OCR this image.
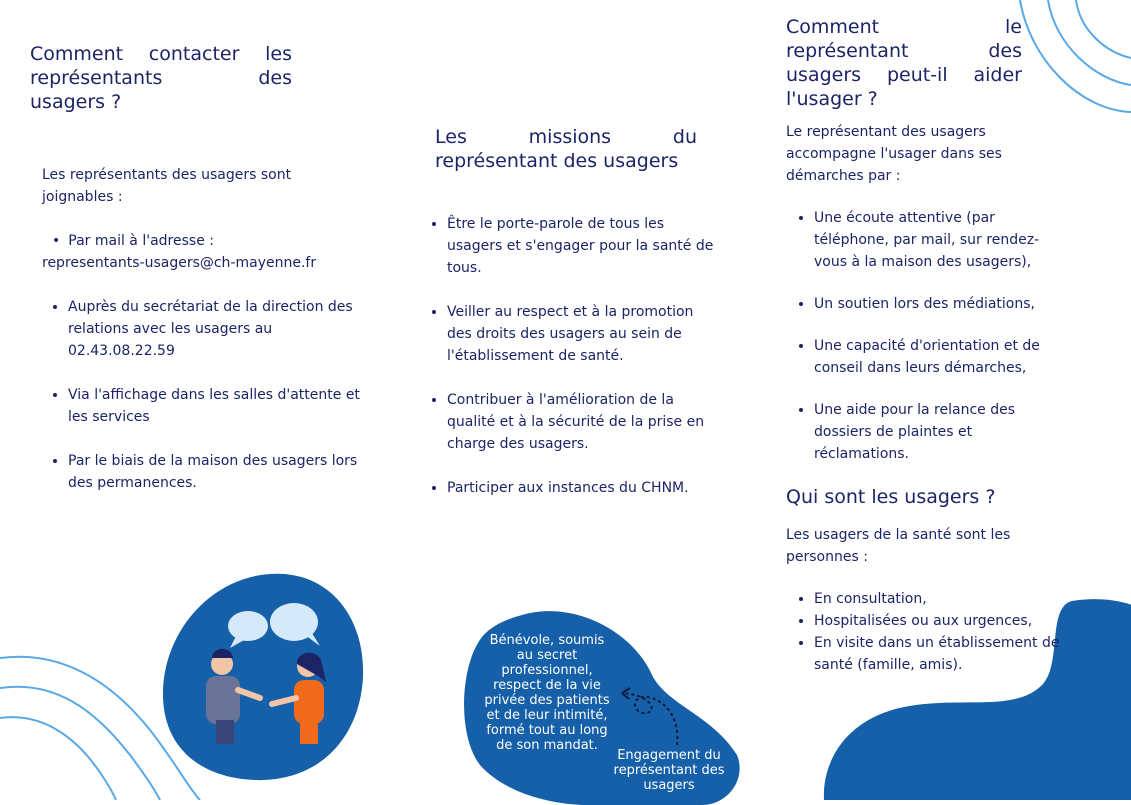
Comment contacter les
représentants des
usagers ?

Les représentants des usagers sont joignables :

• Par mail à l'adresse :
representants-usagers@ch-mayenne.fr
• Auprès du secrétariat de la direction des relations avec les usagers au 02.43.08.22.59
• Via l'affichage dans les salles d'attente et les services
• Par le biais de la maison des usagers lors des permanences.
Les missions du
représentant des usagers
• Être le porte-parole de tous les usagers et s'engager pour la santé de tous.
• Veiller au respect et à la promotion des droits des usagers au sein de l'établissement de santé.
• Contribuer à l'amélioration de la qualité et à la sécurité de la prise en charge des usagers.
• Participer aux instances du CHNM.
Bénévole, soumis au secret professionnel, respect de la vie privée des patients et de leur intimité, formé tout au long de son mandat.
Engagement du représentant des usagers
Comment le
représentant des
usagers peut-il aider
l'usager ?

Le représentant des usagers accompagne l'usager dans ses démarches par :

• Une écoute attentive (par téléphone, par mail, sur rendez-vous à la maison des usagers),
• Un soutien lors des médiations,
• Une capacité d'orientation et de conseil dans leurs démarches,
• Une aide pour la relance des dossiers de plaintes et réclamations.
Qui sont les usagers ?

Les usagers de la santé sont les personnes :

• En consultation,
• Hospitalisées ou aux urgences,
• En visite dans un établissement de santé (famille, amis).
